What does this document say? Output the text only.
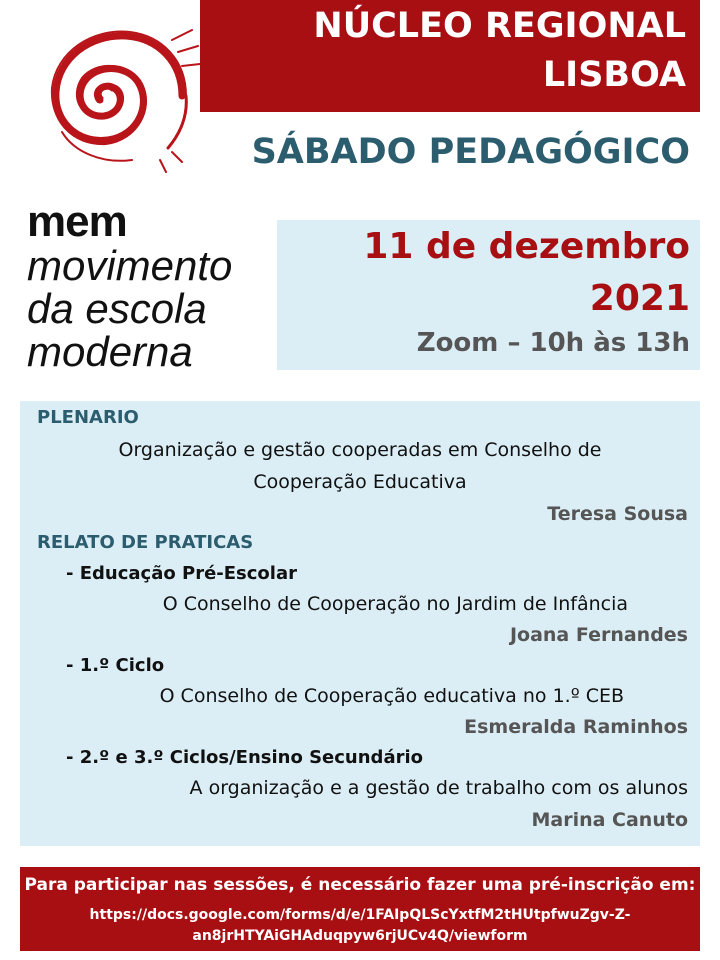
NÚCLEO REGIONAL
LISBOA
SÁBADO PEDAGÓGICO
mem
movimento
da escola
moderna
11 de dezembro
2021
Zoom – 10h às 13h
PLENARIO
Organização e gestão cooperadas em Conselho de
Cooperação Educativa
Teresa Sousa
RELATO DE PRATICAS
- Educação Pré-Escolar
O Conselho de Cooperação no Jardim de Infância
Joana Fernandes
- 1.º Ciclo
O Conselho de Cooperação educativa no 1.º CEB
Esmeralda Raminhos
- 2.º e 3.º Ciclos/Ensino Secundário
A organização e a gestão de trabalho com os alunos
Marina Canuto
Para participar nas sessões, é necessário fazer uma pré-inscrição em:
https://docs.google.com/forms/d/e/1FAIpQLScYxtfM2tHUtpfwuZgv-Z-
an8jrHTYAiGHAduqpyw6rjUCv4Q/viewform
